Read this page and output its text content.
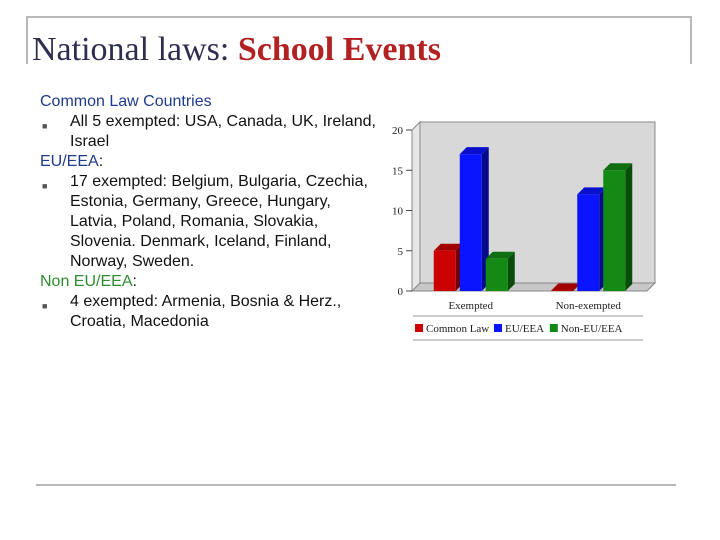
National laws: School Events
Common Law Countries
■ All 5 exempted: USA, Canada, UK, Ireland, Israel
EU/EEA:
■ 17 exempted: Belgium, Bulgaria, Czechia, Estonia, Germany, Greece, Hungary, Latvia, Poland, Romania, Slovakia, Slovenia. Denmark, Iceland, Finland, Norway, Sweden.
Non EU/EEA:
■ 4 exempted: Armenia, Bosnia & Herz., Croatia, Macedonia
0
5
10
15
20
Exempted	Non-exempted
Common Law EU/EEA Non-EU/EEA
